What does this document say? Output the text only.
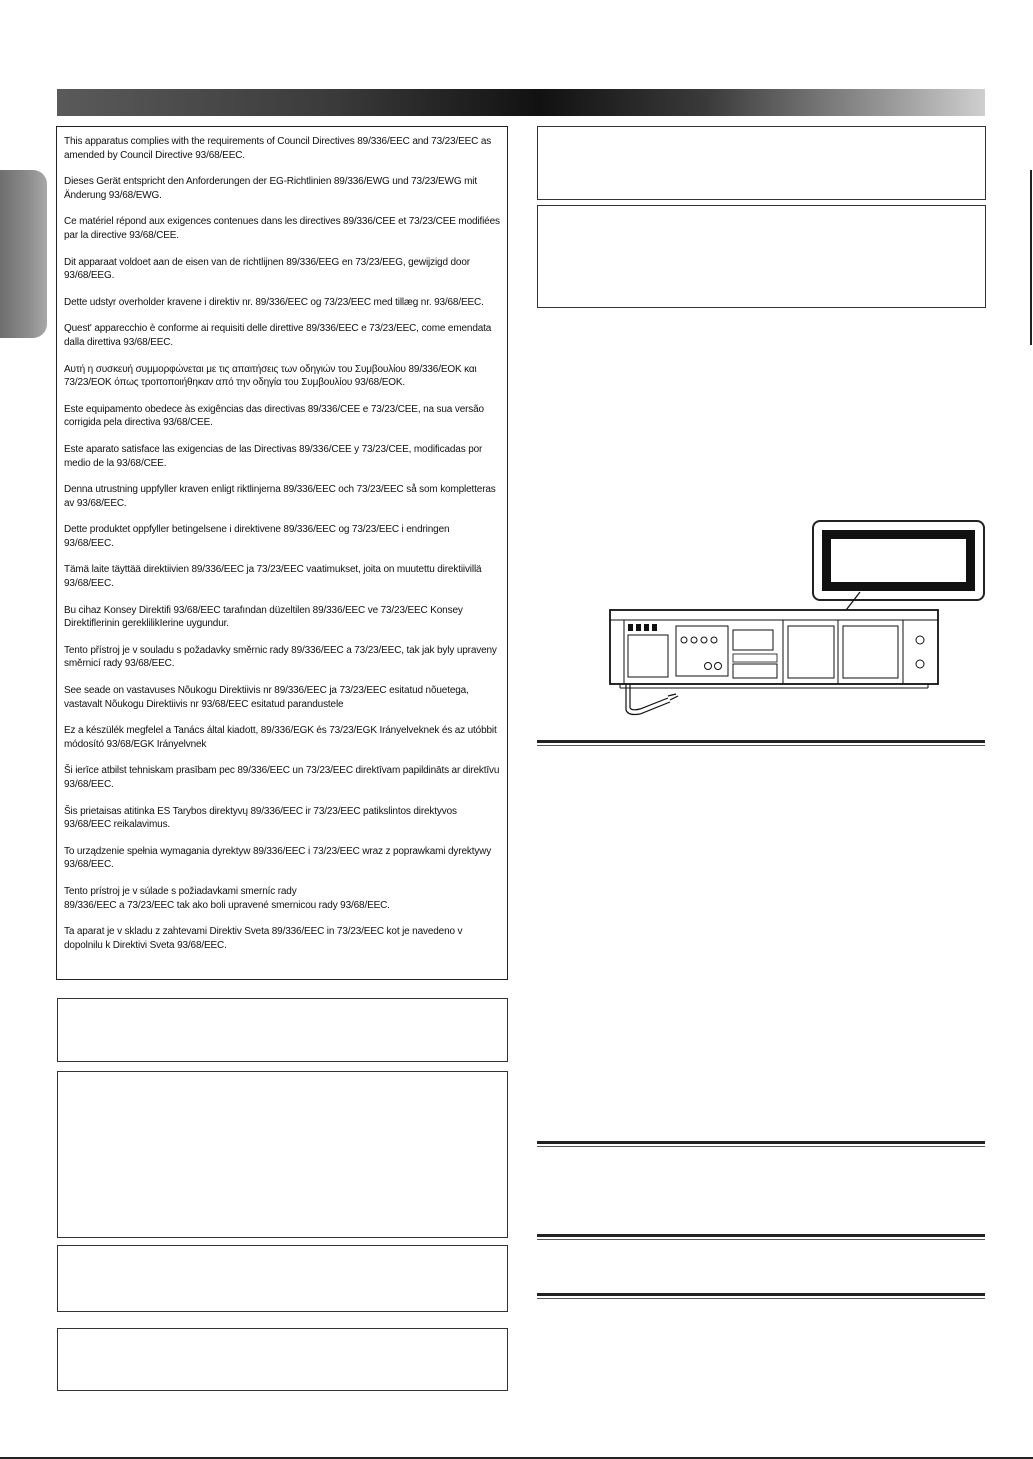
This apparatus complies with the requirements of Council Directives 89/336/EEC and 73/23/EEC as amended by Council Directive 93/68/EEC.

Dieses Gerät entspricht den Anforderungen der EG-Richtlinien 89/336/EWG und 73/23/EWG mit Änderung 93/68/EWG.

Ce matériel répond aux exigences contenues dans les directives 89/336/CEE et 73/23/CEE modifiées par la directive 93/68/CEE.

Dit apparaat voldoet aan de eisen van de richtlijnen 89/336/EEG en 73/23/EEG, gewijzigd door 93/68/EEG.

Dette udstyr overholder kravene i direktiv nr. 89/336/EEC og 73/23/EEC med tillæg nr. 93/68/EEC.

Quest' apparecchio è conforme ai requisiti delle direttive 89/336/EEC e 73/23/EEC, come emendata dalla direttiva 93/68/EEC.

Αυτή η συσκευή συμμορφώνεται με τις απαιτήσεις των οδηγιών του Συμβουλίου 89/336/ΕΟΚ και 73/23/ΕΟΚ όπως τροποποιήθηκαν από την οδηγία του Συμβουλίου 93/68/ΕΟΚ.

Este equipamento obedece às exigências das directivas 89/336/CEE e 73/23/CEE, na sua versão corrigida pela directiva 93/68/CEE.

Este aparato satisface las exigencias de las Directivas 89/336/CEE y 73/23/CEE, modificadas por medio de la 93/68/CEE.

Denna utrustning uppfyller kraven enligt riktlinjerna 89/336/EEC och 73/23/EEC så som kompletteras av 93/68/EEC.

Dette produktet oppfyller betingelsene i direktivene 89/336/EEC og 73/23/EEC i endringen 93/68/EEC.

Tämä laite täyttää direktiivien 89/336/EEC ja 73/23/EEC vaatimukset, joita on muutettu direktiivillä 93/68/EEC.

Bu cihaz Konsey Direktifi 93/68/EEC tarafından düzeltilen 89/336/EEC ve 73/23/EEC Konsey Direktiflerinin gereklilikIerine uygundur.

Tento přístroj je v souladu s požadavky směrnic rady 89/336/EEC a 73/23/EEC, tak jak byly upraveny směrnicí rady 93/68/EEC.

See seade on vastavuses Nõukogu Direktiivis nr 89/336/EEC ja 73/23/EEC esitatud nõuetega, vastavalt Nõukogu Direktiivis nr 93/68/EEC esitatud parandustele

Ez a készülék megfelel a Tanács által kiadott, 89/336/EGK és 73/23/EGK Irányelveknek és az utóbbit módosító 93/68/EGK Irányelvnek

Ši ierīce atbilst tehniskam prasībam pec 89/336/EEC un 73/23/EEC direktīvam papildināts ar direktīvu 93/68/EEC.

Šis prietaisas atitinka ES Tarybos direktyvų 89/336/EEC ir 73/23/EEC patikslintos direktyvos 93/68/EEC reikalavimus.

To urządzenie spełnia wymagania dyrektyw 89/336/EEC i 73/23/EEC wraz z poprawkami dyrektywy 93/68/EEC.

Tento prístroj je v súlade s požiadavkami smerníc rady
89/336/EEC a 73/23/EEC tak ako boli upravené smernicou rady 93/68/EEC.

Ta aparat je v skladu z zahtevami Direktiv Sveta 89/336/EEC in 73/23/EEC kot je navedeno v dopolnilu k Direktivi Sveta 93/68/EEC.
